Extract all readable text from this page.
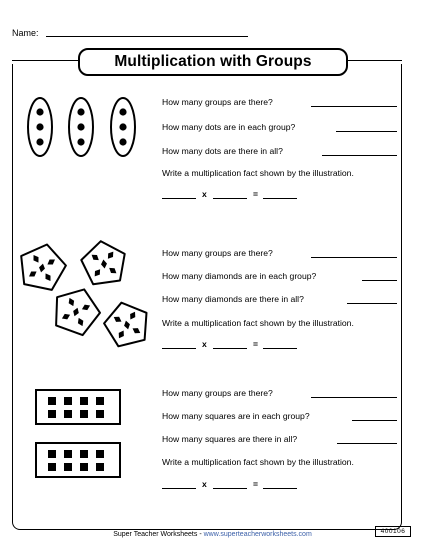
Name:
Multiplication with Groups
How many groups are there?
How many dots are in each group?
How many dots are there in all?
Write a multiplication fact shown by the illustration.
x	=
How many groups are there?
How many diamonds are in each group?
How many diamonds are there in all?
Write a multiplication fact shown by the illustration.
x	=
How many groups are there?
How many squares are in each group?
How many squares are there in all?
Write a multiplication fact shown by the illustration.
x	=
Super Teacher Worksheets - www.superteacherworksheets.com	400106
